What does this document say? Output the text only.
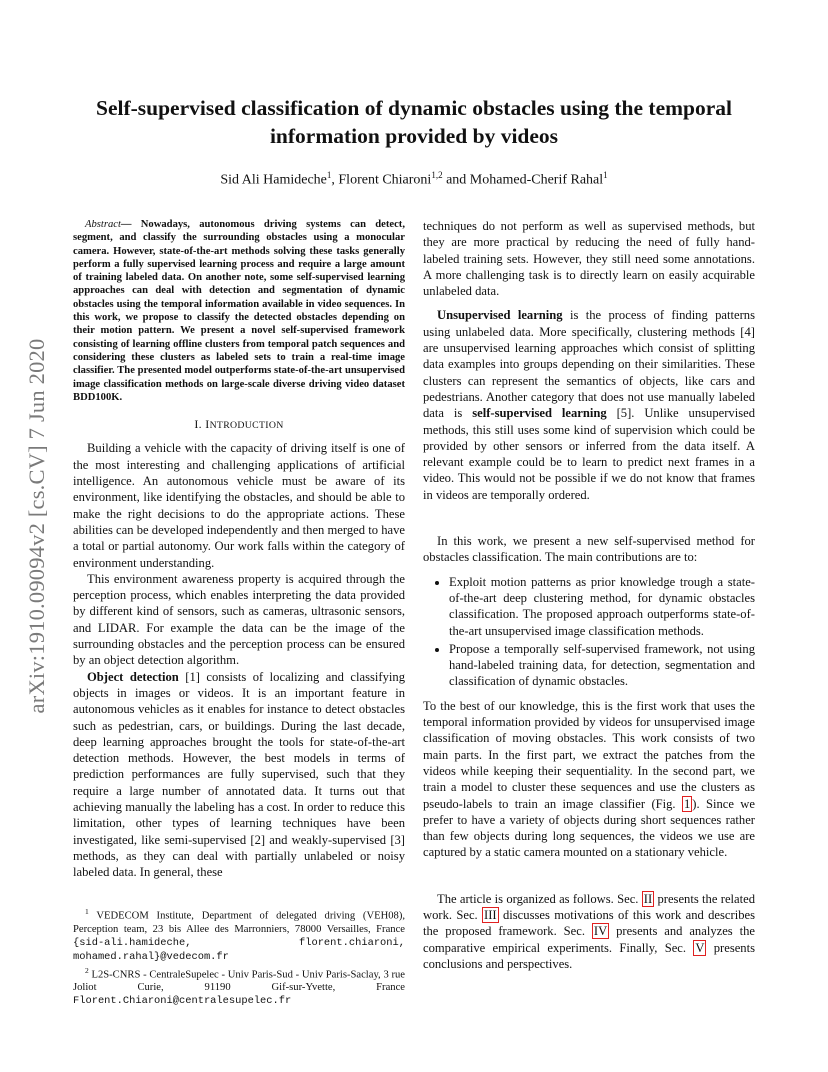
arXiv:1910.09094v2 [cs.CV] 7 Jun 2020
Self-supervised classification of dynamic obstacles using the temporal information provided by videos
Sid Ali Hamideche$^1$, Florent Chiaroni$^{1,2}$ and Mohamed-Cherif Rahal$^1$

Abstract— Nowadays, autonomous driving systems can detect, segment, and classify the surrounding obstacles using a monocular camera. However, state-of-the-art methods solving these tasks generally perform a fully supervised learning process and require a large amount of training labeled data. On another note, some self-supervised learning approaches can deal with detection and segmentation of dynamic obstacles using the temporal information available in video sequences. In this work, we propose to classify the detected obstacles depending on their motion pattern. We present a novel self-supervised framework consisting of learning offline clusters from temporal patch sequences and considering these clusters as labeled sets to train a real-time image classifier. The presented model outperforms state-of-the-art unsupervised image classification methods on large-scale diverse driving video dataset BDD100K.

I. INTRODUCTION

Building a vehicle with the capacity of driving itself is one of the most interesting and challenging applications of artificial intelligence. An autonomous vehicle must be aware of its environment, like identifying the obstacles, and should be able to make the right decisions to do the appropriate actions. These abilities can be developed independently and then merged to have a total or partial autonomy. Our work falls within the category of environment understanding.

This environment awareness property is acquired through the perception process, which enables interpreting the data provided by different kind of sensors, such as cameras, ultrasonic sensors, and LIDAR. For example the data can be the image of the surrounding obstacles and the perception process can be ensured by an object detection algorithm.

Object detection [1] consists of localizing and classifying objects in images or videos. It is an important feature in autonomous vehicles as it enables for instance to detect obstacles such as pedestrian, cars, or buildings. During the last decade, deep learning approaches brought the tools for state-of-the-art detection methods. However, the best models in terms of prediction performances are fully supervised, such that they require a large number of annotated data. It turns out that achieving manually the labeling has a cost. In order to reduce this limitation, other types of learning techniques have been investigated, like semi-supervised [2] and weakly-supervised [3] methods, as they can deal with partially unlabeled or noisy labeled data. In general, these

techniques do not perform as well as supervised methods, but they are more practical by reducing the need of fully hand-labeled training sets. However, they still need some annotations. A more challenging task is to directly learn on easily acquirable unlabeled data.

Unsupervised learning is the process of finding patterns using unlabeled data. More specifically, clustering methods [4] are unsupervised learning approaches which consist of splitting data examples into groups depending on their similarities. These clusters can represent the semantics of objects, like cars and pedestrians. Another category that does not use manually labeled data is self-supervised learning [5]. Unlike unsupervised methods, this still uses some kind of supervision which could be provided by other sensors or inferred from the data itself. A relevant example could be to learn to predict next frames in a video. This would not be possible if we do not know that frames in videos are temporally ordered.

In this work, we present a new self-supervised method for obstacles classification. The main contributions are to:

• Exploit motion patterns as prior knowledge trough a state-of-the-art deep clustering method, for dynamic obstacles classification. The proposed approach outperforms state-of-the-art unsupervised image classification methods.
• Propose a temporally self-supervised framework, not using hand-labeled training data, for detection, segmentation and classification of dynamic obstacles.

To the best of our knowledge, this is the first work that uses the temporal information provided by videos for unsupervised image classification of moving obstacles. This work consists of two main parts. In the first part, we extract the patches from the videos while keeping their sequentiality. In the second part, we train a model to cluster these sequences and use the clusters as pseudo-labels to train an image classifier (Fig. 1 ). Since we prefer to have a variety of objects during short sequences rather than few objects during long sequences, the videos we use are captured by a static camera mounted on a stationary vehicle.

The article is organized as follows. Sec. II presents the related work. Sec. III discusses motivations of this work and describes the proposed framework. Sec. IV presents and analyzes the comparative empirical experiments. Finally, Sec. V presents conclusions and perspectives.

$^1$ VEDECOM Institute, Department of delegated driving (VEH08), Perception team, 23 bis Allee des Marronniers, 78000 Versailles, France {sid-ali.hamideche, florent.chiaroni, mohamed.rahal}@vedecom.fr

$^2$ L2S-CNRS - CentraleSupelec - Univ Paris-Sud - Univ Paris-Saclay, 3 rue Joliot Curie, 91190 Gif-sur-Yvette, France Florent.Chiaroni@centralesupelec.fr
